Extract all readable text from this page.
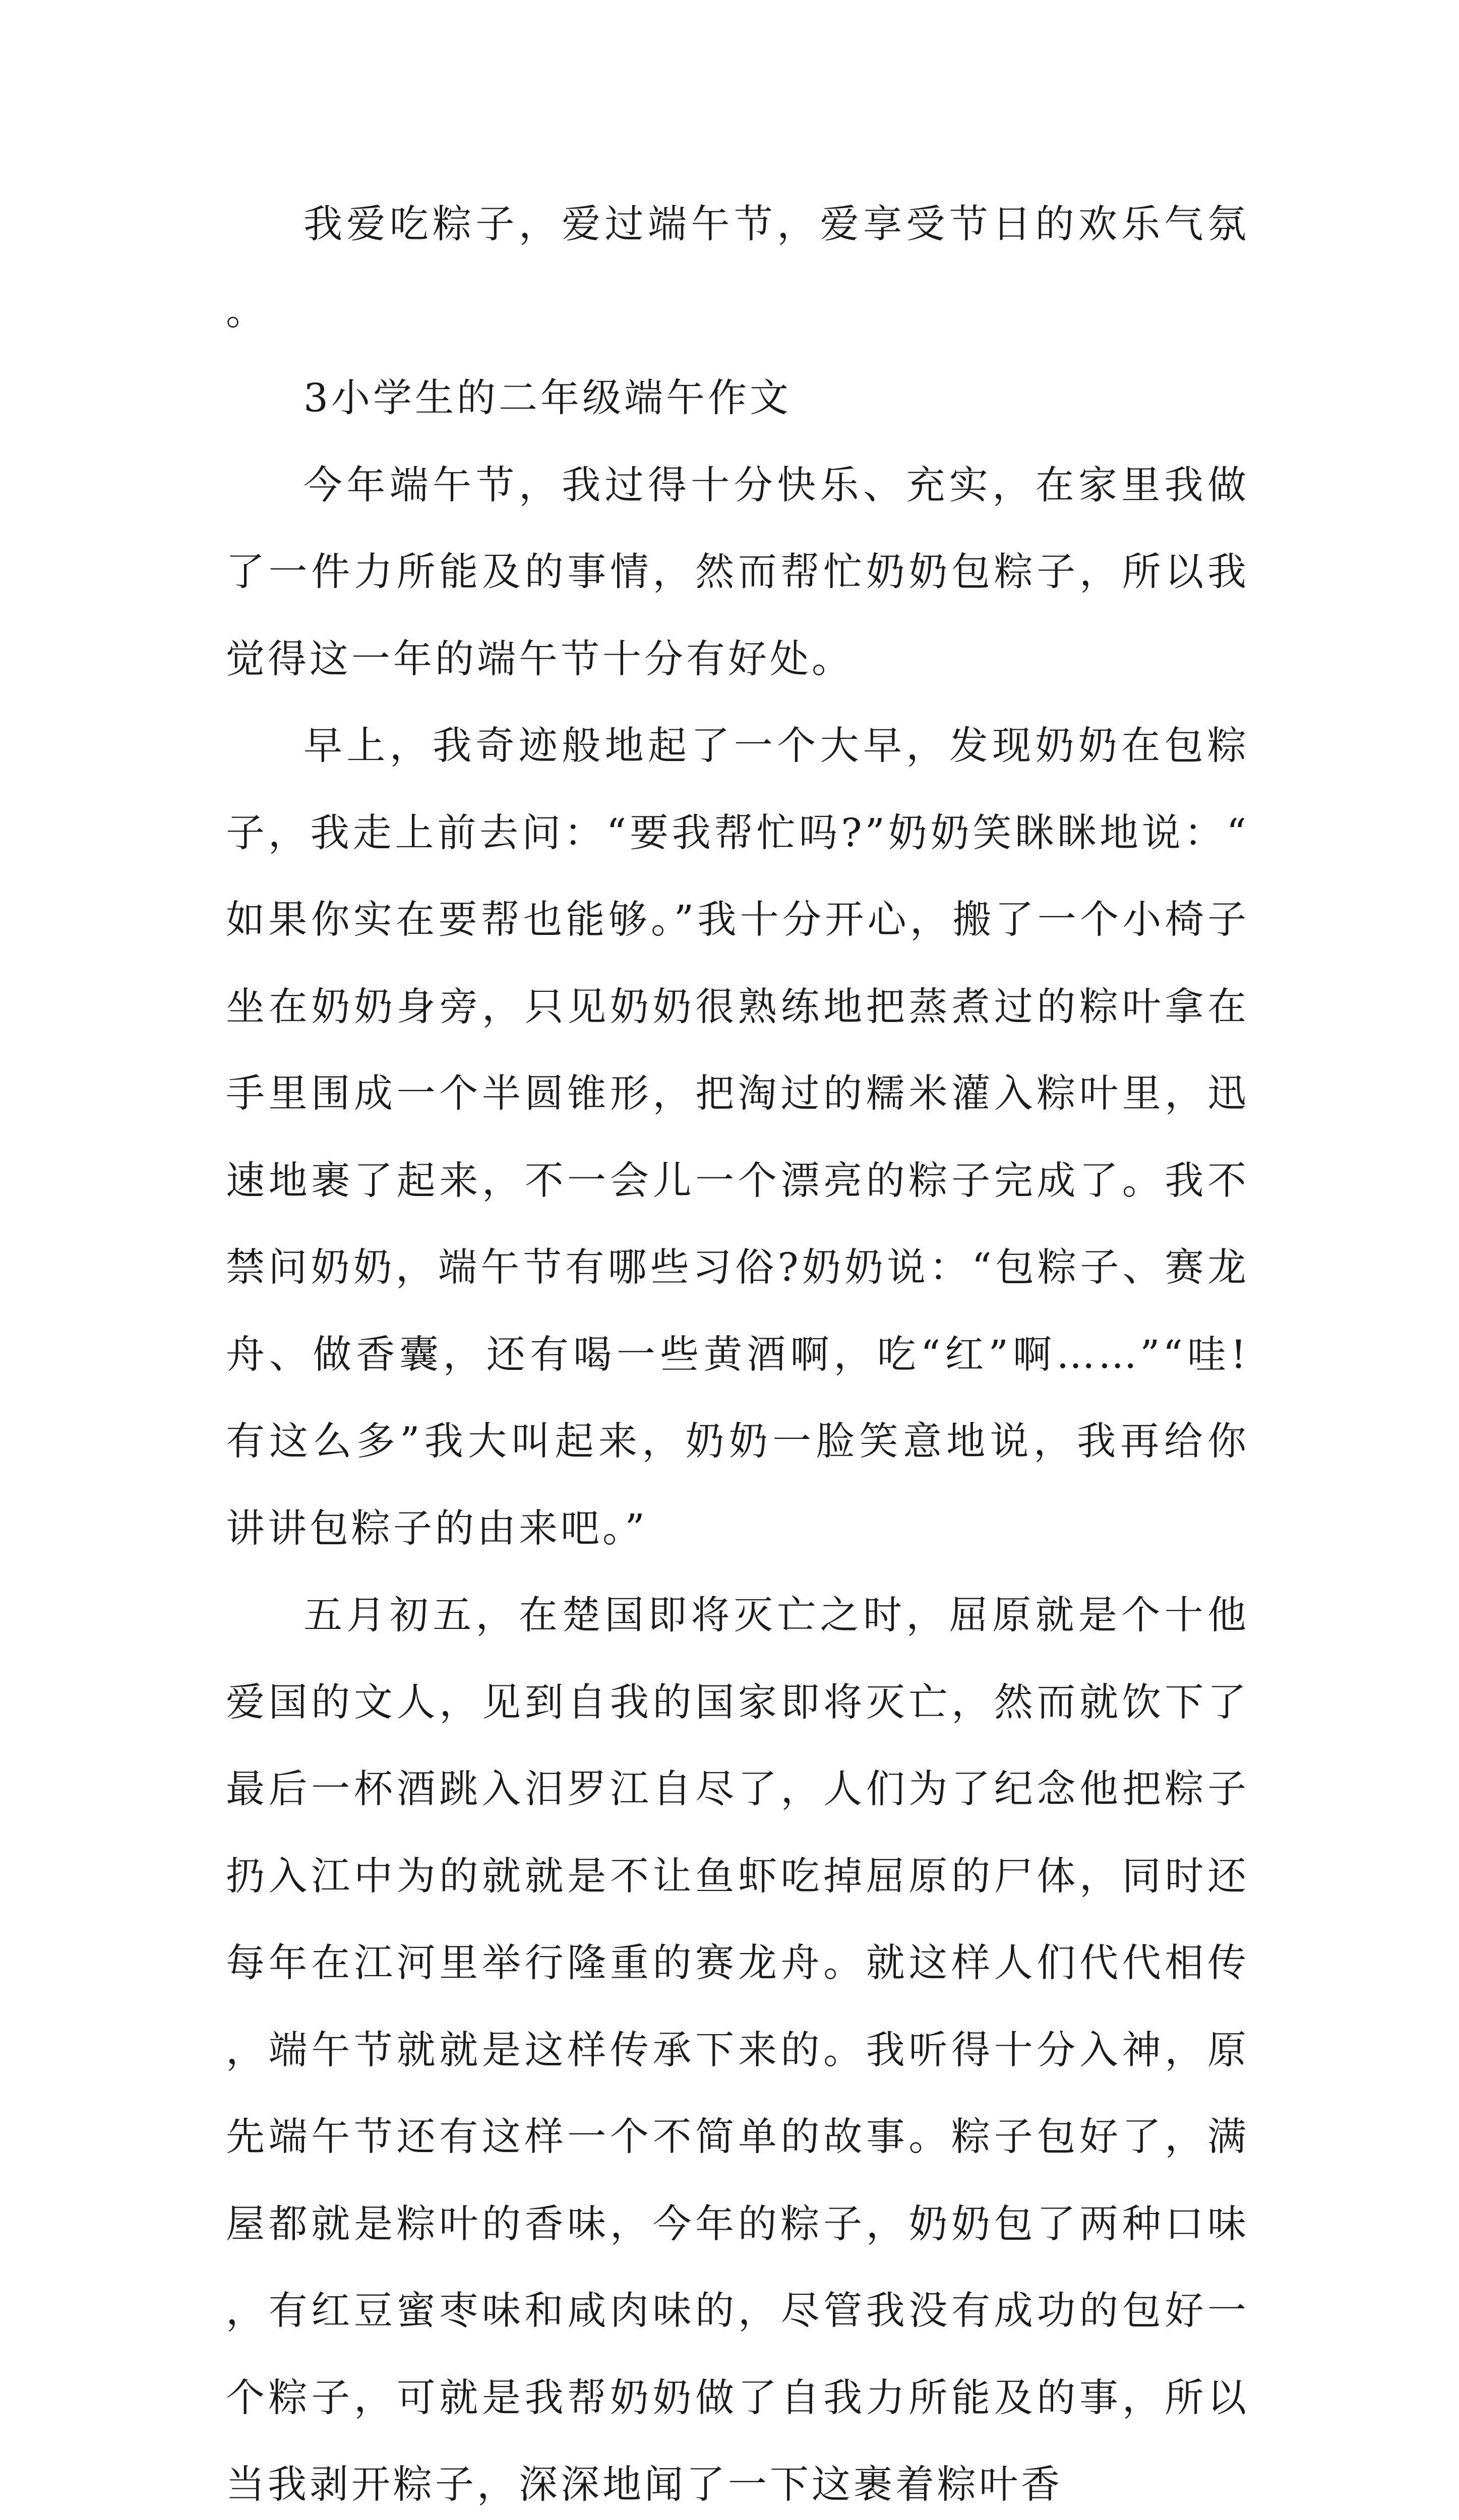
我爱吃粽子，爱过端午节，爱享受节日的欢乐气氛。

3小学生的二年级端午作文

今年端午节，我过得十分快乐、充实，在家里我做了一件力所能及的事情，然而帮忙奶奶包粽子，所以我觉得这一年的端午节十分有好处。

早上，我奇迹般地起了一个大早，发现奶奶在包粽子，我走上前去问：“要我帮忙吗?”奶奶笑眯眯地说：“如果你实在要帮也能够。”我十分开心，搬了一个小椅子坐在奶奶身旁，只见奶奶很熟练地把蒸煮过的粽叶拿在手里围成一个半圆锥形，把淘过的糯米灌入粽叶里，迅速地裹了起来，不一会儿一个漂亮的粽子完成了。我不禁问奶奶，端午节有哪些习俗?奶奶说：“包粽子、赛龙舟、做香囊，还有喝一些黄酒啊，吃“红”啊……”“哇!有这么多”我大叫起来，奶奶一脸笑意地说，我再给你讲讲包粽子的由来吧。”

五月初五，在楚国即将灭亡之时，屈原就是个十他爱国的文人，见到自我的国家即将灭亡，然而就饮下了最后一杯酒跳入汨罗江自尽了，人们为了纪念他把粽子扔入江中为的就就是不让鱼虾吃掉屈原的尸体，同时还每年在江河里举行隆重的赛龙舟。就这样人们代代相传，端午节就就是这样传承下来的。我听得十分入神，原先端午节还有这样一个不简单的故事。粽子包好了，满屋都就是粽叶的香味，今年的粽子，奶奶包了两种口味，有红豆蜜枣味和咸肉味的，尽管我没有成功的包好一个粽子，可就是我帮奶奶做了自我力所能及的事，所以当我剥开粽子，深深地闻了一下这裹着粽叶香
